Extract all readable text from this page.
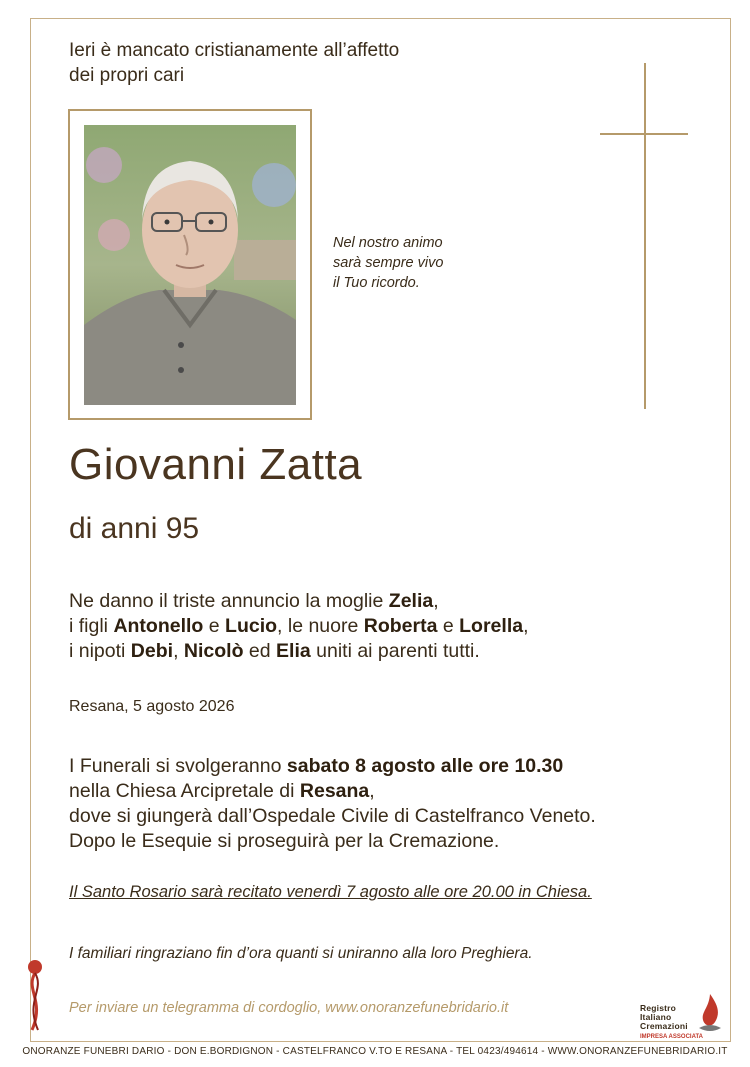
Ieri è mancato cristianamente all’affetto
dei propri cari
Nel nostro animo
sarà sempre vivo
il Tuo ricordo.
Giovanni Zatta
di anni 95
Ne danno il triste annuncio la moglie Zelia,
i figli Antonello e Lucio, le nuore Roberta e Lorella,
i nipoti Debi, Nicolò ed Elia uniti ai parenti tutti.
Resana, 5 agosto 2026
I Funerali si svolgeranno sabato 8 agosto alle ore 10.30
nella Chiesa Arcipretale di Resana,
dove si giungerà dall’Ospedale Civile di Castelfranco Veneto.
Dopo le Esequie si proseguirà per la Cremazione.
Il Santo Rosario sarà recitato venerdì 7 agosto alle ore 20.00 in Chiesa.
I familiari ringraziano fin d’ora quanti si uniranno alla loro Preghiera.
Per inviare un telegramma di cordoglio, www.onoranzefunebridario.it	Registro
Italiano
Cremazioni
IMPRESA ASSOCIATA
ONORANZE FUNEBRI DARIO - DON E.BORDIGNON - CASTELFRANCO V.TO E RESANA - TEL 0423/494614 - WWW.ONORANZEFUNEBRIDARIO.IT
